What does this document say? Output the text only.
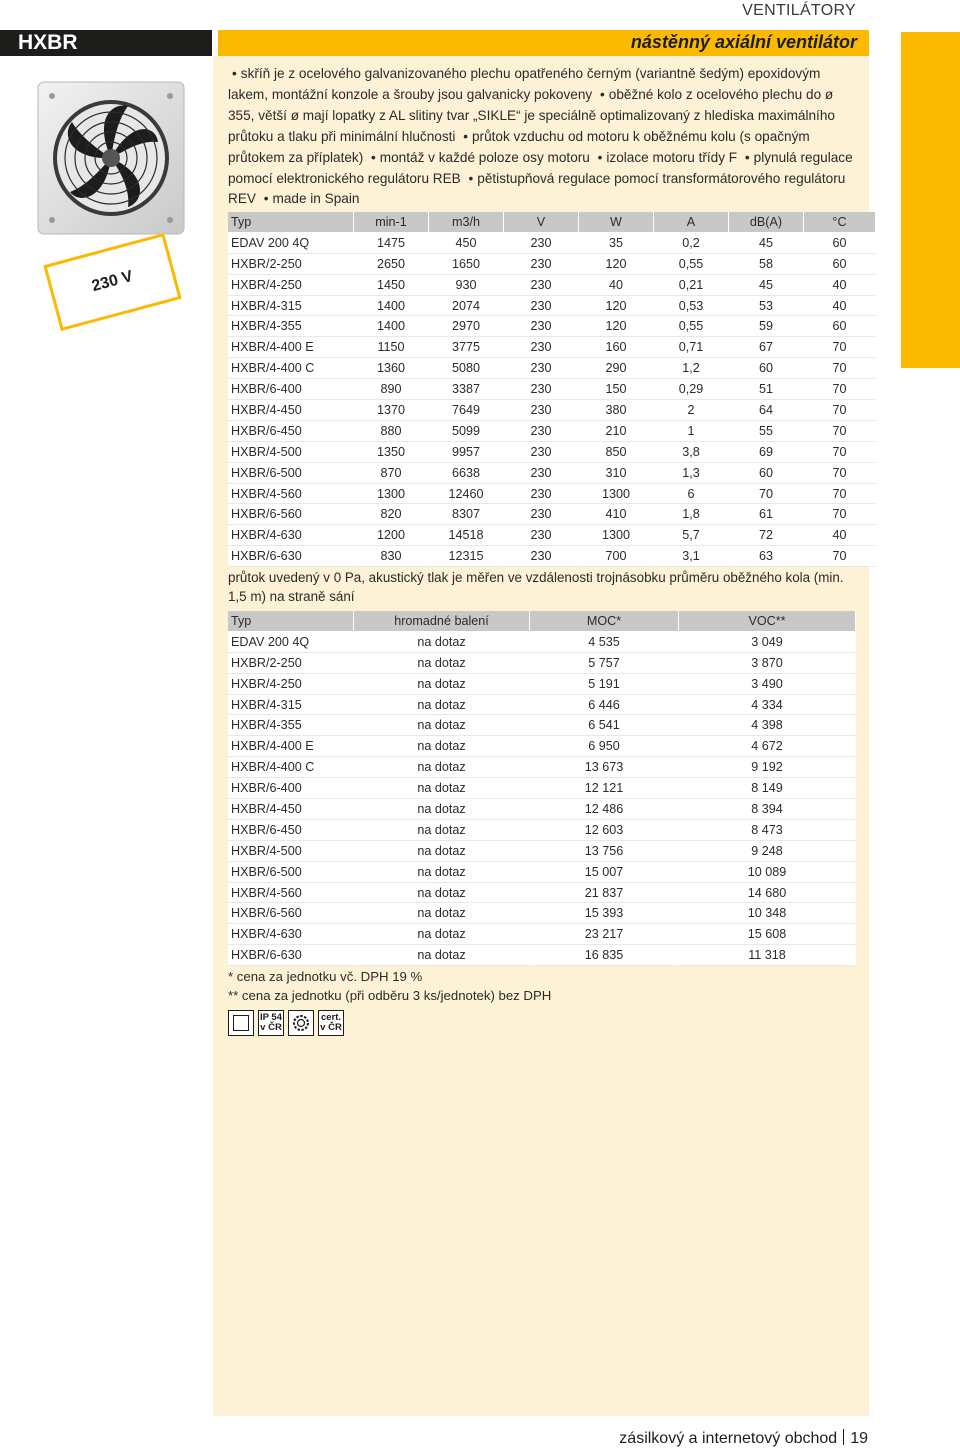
VENTILÁTORY
HXBR	nástěnný axiální ventilátor
230 V
• skříň je z ocelového galvanizovaného plechu opatřeného černým (variantně šedým) epoxidovým lakem, montážní konzole a šrouby jsou galvanicky pokoveny • oběžné kolo z ocelového plechu do ø 355, větší ø mají lopatky z AL slitiny tvar „SIKLE“ je speciálně optimalizovaný z hlediska maximálního průtoku a tlaku při minimální hlučnosti • průtok vzduchu od motoru k oběžnému kolu (s opačným průtokem za příplatek) • montáž v každé poloze osy motoru • izolace motoru třídy F • plynulá regulace pomocí elektronického regulátoru REB • pětistupňová regulace pomocí transformátorového regulátoru REV • made in Spain
Typ	min-1	m3/h	V	W	A	dB(A)	°C
EDAV 200 4Q	1475	450	230	35	0,2	45	60
HXBR/2-250	2650	1650	230	120	0,55	58	60
HXBR/4-250	1450	930	230	40	0,21	45	40
HXBR/4-315	1400	2074	230	120	0,53	53	40
HXBR/4-355	1400	2970	230	120	0,55	59	60
HXBR/4-400 E	1150	3775	230	160	0,71	67	70
HXBR/4-400 C	1360	5080	230	290	1,2	60	70
HXBR/6-400	890	3387	230	150	0,29	51	70
HXBR/4-450	1370	7649	230	380	2	64	70
HXBR/6-450	880	5099	230	210	1	55	70
HXBR/4-500	1350	9957	230	850	3,8	69	70
HXBR/6-500	870	6638	230	310	1,3	60	70
HXBR/4-560	1300	12460	230	1300	6	70	70
HXBR/6-560	820	8307	230	410	1,8	61	70
HXBR/4-630	1200	14518	230	1300	5,7	72	40
HXBR/6-630	830	12315	230	700	3,1	63	70
průtok uvedený v 0 Pa, akustický tlak je měřen ve vzdálenosti trojnásobku průměru oběžného kola (min. 1,5 m) na straně sání
Typ	hromadné balení	MOC*	VOC**
EDAV 200 4Q	na dotaz	4 535	3 049
HXBR/2-250	na dotaz	5 757	3 870
HXBR/4-250	na dotaz	5 191	3 490
HXBR/4-315	na dotaz	6 446	4 334
HXBR/4-355	na dotaz	6 541	4 398
HXBR/4-400 E	na dotaz	6 950	4 672
HXBR/4-400 C	na dotaz	13 673	9 192
HXBR/6-400	na dotaz	12 121	8 149
HXBR/4-450	na dotaz	12 486	8 394
HXBR/6-450	na dotaz	12 603	8 473
HXBR/4-500	na dotaz	13 756	9 248
HXBR/6-500	na dotaz	15 007	10 089
HXBR/4-560	na dotaz	21 837	14 680
HXBR/6-560	na dotaz	15 393	10 348
HXBR/4-630	na dotaz	23 217	15 608
HXBR/6-630	na dotaz	16 835	11 318
* cena za jednotku vč. DPH 19 %
** cena za jednotku (při odběru 3 ks/jednotek) bez DPH
IP 54
v ČR
cert.
v ČR
zásilkový a internetový obchod 19
